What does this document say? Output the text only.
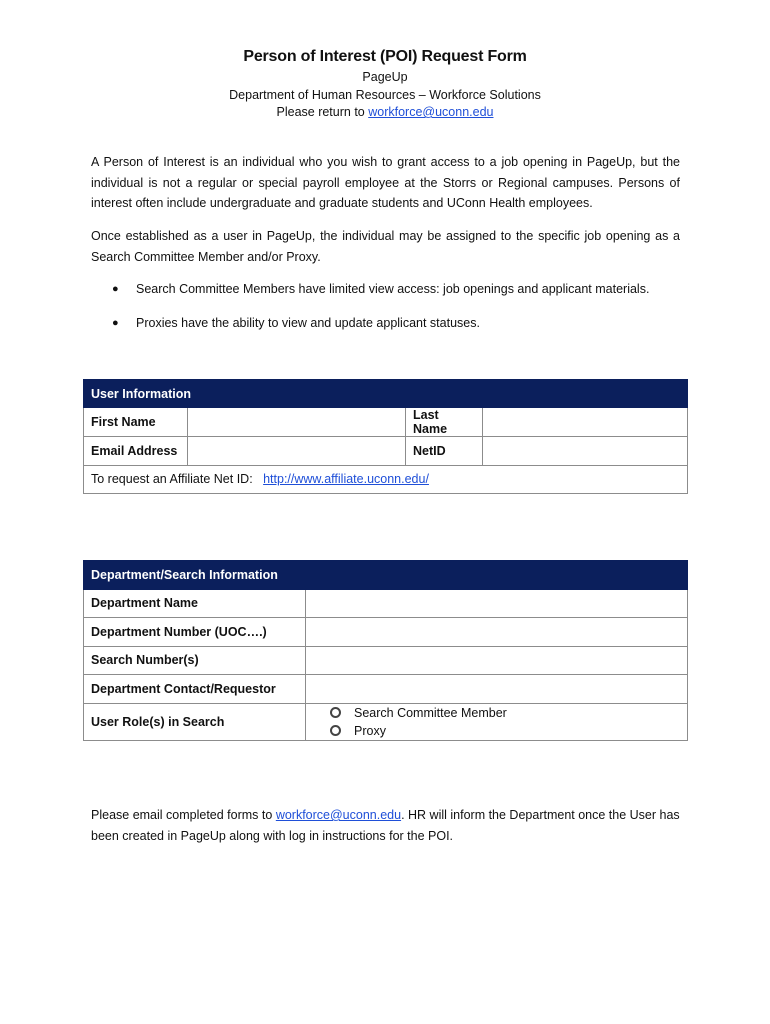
Person of Interest (POI) Request Form
PageUp
Department of Human Resources – Workforce Solutions
Please return to workforce@uconn.edu

A Person of Interest is an individual who you wish to grant access to a job opening in PageUp, but the individual is not a regular or special payroll employee at the Storrs or Regional campuses. Persons of interest often include undergraduate and graduate students and UConn Health employees.

Once established as a user in PageUp, the individual may be assigned to the specific job opening as a Search Committee Member and/or Proxy.

●	Search Committee Members have limited view access: job openings and applicant materials.
●	Proxies have the ability to view and update applicant statuses.
User Information			
First Name		Last Name	
Email Address		NetID	
To request an Affiliate Net ID:   http://www.affiliate.uconn.edu/			
Department/Search Information	
Department Name	
Department Number (UOC….)	
Search Number(s)	
Department Contact/Requestor	
User Role(s) in Search	Search Committee Member
Proxy

Please email completed forms to workforce@uconn.edu. HR will inform the Department once the User has been created in PageUp along with log in instructions for the POI.
